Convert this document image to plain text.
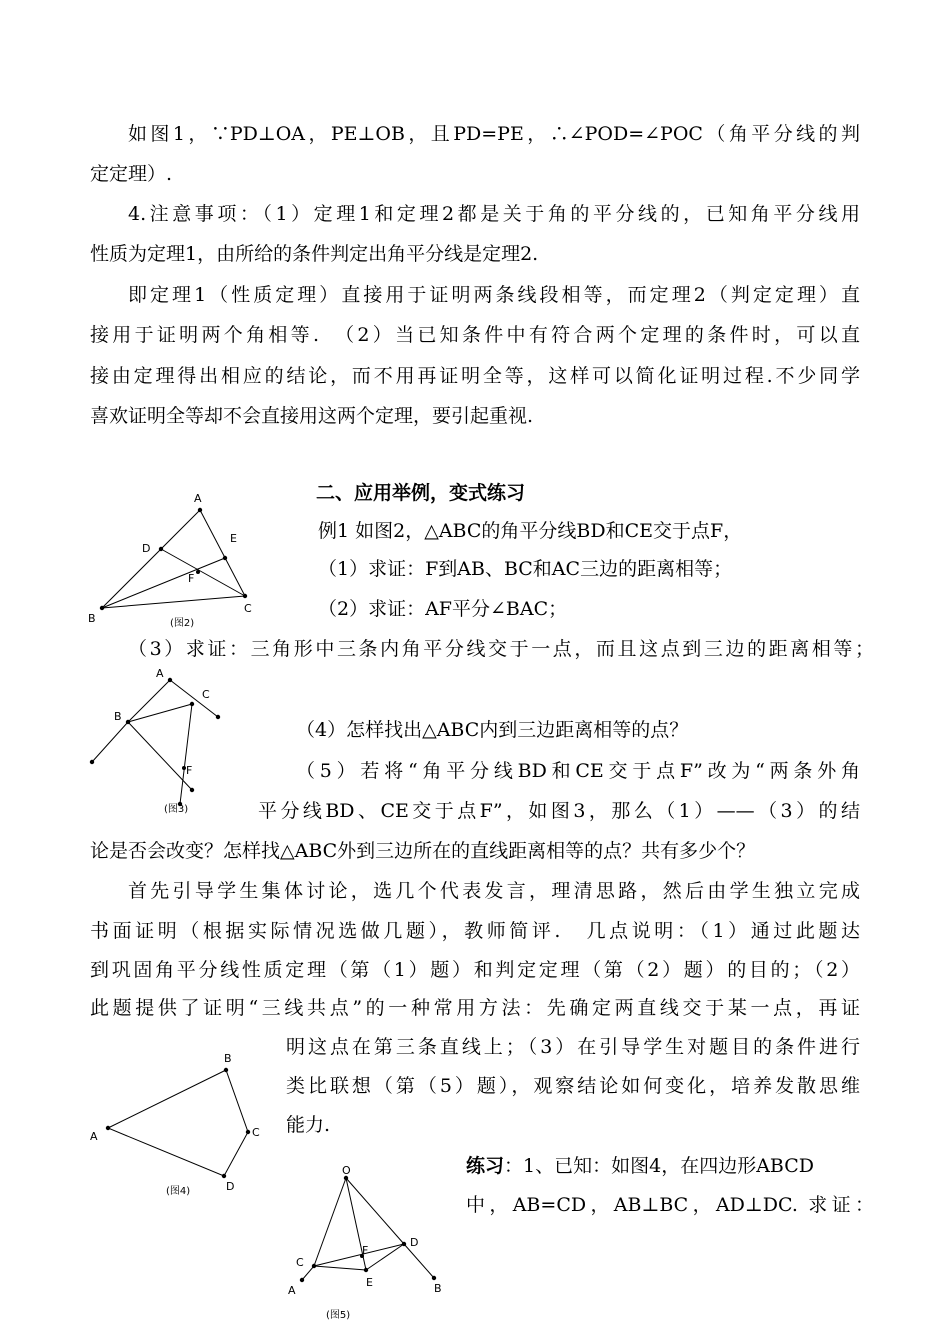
如图1，∵PD⊥OA，PE⊥OB，且PD=PE，∴∠POD=∠POC（角平分线的判
定定理）.
4.注意事项：（1）定理1和定理2都是关于角的平分线的，已知角平分线用
性质为定理1，由所给的条件判定出角平分线是定理2.
即定理1（性质定理）直接用于证明两条线段相等，而定理2（判定定理）直
接用于证明两个角相等.　（2）当已知条件中有符合两个定理的条件时，可以直
接由定理得出相应的结论，而不用再证明全等，这样可以简化证明过程.不少同学
喜欢证明全等却不会直接用这两个定理，要引起重视.
二、应用举例，变式练习
例1 如图2，△ABC的角平分线BD和CE交于点F，
（1）求证：F到AB、BC和AC三边的距离相等；
（2）求证：AF平分∠BAC；
（3）求证：三角形中三条内角平分线交于一点，而且这点到三边的距离相等；
（4）怎样找出△ABC内到三边距离相等的点？
（5）若将“角平分线BD和CE交于点F”改为“两条外角
平分线BD、CE交于点F”，如图3，那么（1）——（3）的结
论是否会改变？怎样找△ABC外到三边所在的直线距离相等的点？共有多少个？
首先引导学生集体讨论，选几个代表发言，理清思路，然后由学生独立完成
书面证明（根据实际情况选做几题），教师简评.　几点说明：（1）通过此题达
到巩固角平分线性质定理（第（1）题）和判定定理（第（2）题）的目的；（2）
此题提供了证明“三线共点”的一种常用方法：先确定两直线交于某一点，再证
明这点在第三条直线上；（3）在引导学生对题目的条件进行
类比联想（第（5）题），观察结论如何变化，培养发散思维
能力.
练习：1、已知：如图4，在四边形ABCD
中，AB=CD，AB⊥BC，AD⊥DC. 求证：
A
B
C
D
E
F
(图2)
A
B
C
F
(图3)
A
B
C
D
(图4)
O
A	B
C
D
E
F
(图5)
